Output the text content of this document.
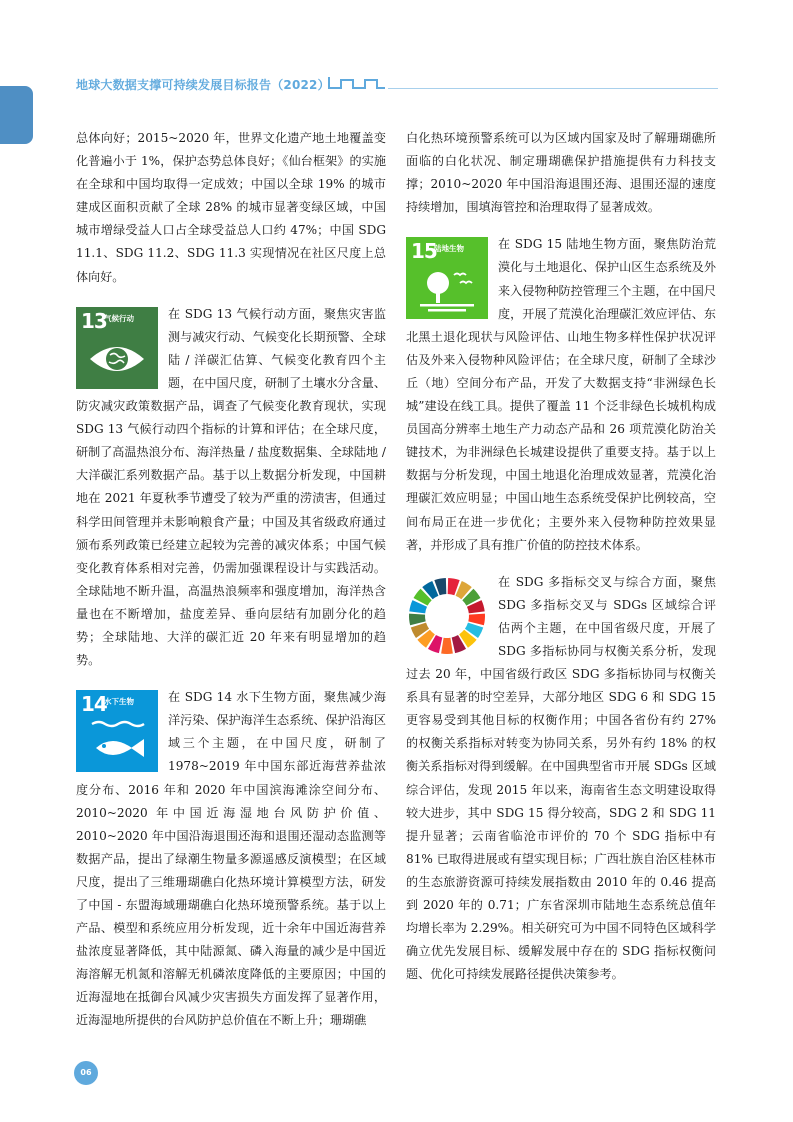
地球大数据支撑可持续发展目标报告（2022）

总体向好；2015~2020 年，世界文化遗产地土地覆盖变化普遍小于 1%，保护态势总体良好；《仙台框架》的实施在全球和中国均取得一定成效；中国以全球 19% 的城市建成区面积贡献了全球 28% 的城市显著变绿区域，中国城市增绿受益人口占全球受益总人口约 47%；中国 SDG 11.1、SDG 11.2、SDG 11.3 实现情况在社区尺度上总体向好。

13
气候行动	在 SDG 13 气候行动方面，聚焦灾害监测与减灾行动、气候变化长期预警、全球陆 / 洋碳汇估算、气候变化教育四个主题，在中国尺度，研制了土壤水分含量、防灾减灾政策数据产品，调查了气候变化教育现状，实现 SDG 13 气候行动四个指标的计算和评估；在全球尺度，研制了高温热浪分布、海洋热量 / 盐度数据集、全球陆地 / 大洋碳汇系列数据产品。基于以上数据分析发现，中国耕地在 2021 年夏秋季节遭受了较为严重的涝渍害，但通过科学田间管理并未影响粮食产量；中国及其省级政府通过颁布系列政策已经建立起较为完善的减灾体系；中国气候变化教育体系相对完善，仍需加强课程设计与实践活动。全球陆地不断升温，高温热浪频率和强度增加，海洋热含量也在不断增加，盐度差异、垂向层结有加剧分化的趋势；全球陆地、大洋的碳汇近 20 年来有明显增加的趋势。

14
水下生物	在 SDG 14 水下生物方面，聚焦减少海洋污染、保护海洋生态系统、保护沿海区域三个主题，在中国尺度，研制了 1978~2019 年中国东部近海营养盐浓度分布、2016 年和 2020 年中国滨海滩涂空间分布、2010~2020 年中国近海湿地台风防护价值、2010~2020 年中国沿海退围还海和退围还湿动态监测等数据产品，提出了绿潮生物量多源遥感反演模型；在区域尺度，提出了三维珊瑚礁白化热环境计算模型方法，研发了中国 - 东盟海域珊瑚礁白化热环境预警系统。基于以上产品、模型和系统应用分析发现，近十余年中国近海营养盐浓度显著降低，其中陆源氮、磷入海量的减少是中国近海溶解无机氮和溶解无机磷浓度降低的主要原因；中国的近海湿地在抵御台风减少灾害损失方面发挥了显著作用，近海湿地所提供的台风防护总价值在不断上升；珊瑚礁

白化热环境预警系统可以为区域内国家及时了解珊瑚礁所面临的白化状况、制定珊瑚礁保护措施提供有力科技支撑；2010~2020 年中国沿海退围还海、退围还湿的速度持续增加，围填海管控和治理取得了显著成效。

15
陆地生物	在 SDG 15 陆地生物方面，聚焦防治荒漠化与土地退化、保护山区生态系统及外来入侵物种防控管理三个主题，在中国尺度，开展了荒漠化治理碳汇效应评估、东北黑土退化现状与风险评估、山地生物多样性保护状况评估及外来入侵物种风险评估；在全球尺度，研制了全球沙丘（地）空间分布产品，开发了大数据支持“非洲绿色长城”建设在线工具。提供了覆盖 11 个泛非绿色长城机构成员国高分辨率土地生产力动态产品和 26 项荒漠化防治关键技术，为非洲绿色长城建设提供了重要支持。基于以上数据与分析发现，中国土地退化治理成效显著，荒漠化治理碳汇效应明显；中国山地生态系统受保护比例较高，空间布局正在进一步优化；主要外来入侵物种防控效果显著，并形成了具有推广价值的防控技术体系。

在 SDG 多指标交叉与综合方面，聚焦 SDG 多指标交叉与 SDGs 区域综合评估两个主题，在中国省级尺度，开展了 SDG 多指标协同与权衡关系分析，发现过去 20 年，中国省级行政区 SDG 多指标协同与权衡关系具有显著的时空差异，大部分地区 SDG 6 和 SDG 15 更容易受到其他目标的权衡作用；中国各省份有约 27% 的权衡关系指标对转变为协同关系，另外有约 18% 的权衡关系指标对得到缓解。在中国典型省市开展 SDGs 区域综合评估，发现 2015 年以来，海南省生态文明建设取得较大进步，其中 SDG 15 得分较高，SDG 2 和 SDG 11 提升显著；云南省临沧市评价的 70 个 SDG 指标中有 81% 已取得进展或有望实现目标；广西壮族自治区桂林市的生态旅游资源可持续发展指数由 2010 年的 0.46 提高到 2020 年的 0.71；广东省深圳市陆地生态系统总值年均增长率为 2.29%。相关研究可为中国不同特色区域科学确立优先发展目标、缓解发展中存在的 SDG 指标权衡问题、优化可持续发展路径提供决策参考。

06
